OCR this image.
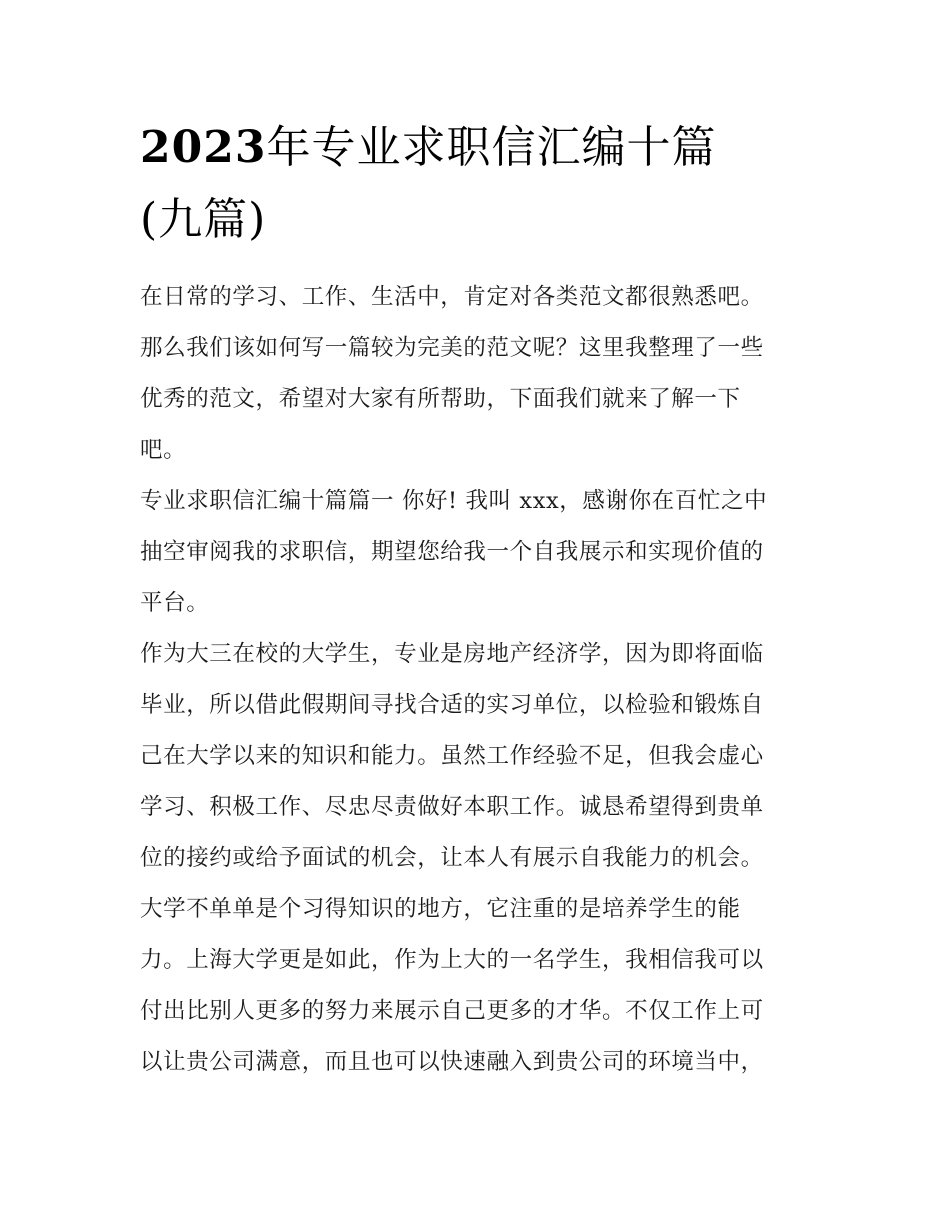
2023年专业求职信汇编十篇
(九篇)

在日常的学习、工作、生活中，肯定对各类范文都很熟悉吧。
那么我们该如何写一篇较为完美的范文呢？这里我整理了一些
优秀的范文，希望对大家有所帮助，下面我们就来了解一下
吧。

专业求职信汇编十篇篇一 你好! 我叫 xxx，感谢你在百忙之中
抽空审阅我的求职信，期望您给我一个自我展示和实现价值的
平台。

作为大三在校的大学生，专业是房地产经济学，因为即将面临
毕业，所以借此假期间寻找合适的实习单位，以检验和锻炼自
己在大学以来的知识和能力。虽然工作经验不足，但我会虚心
学习、积极工作、尽忠尽责做好本职工作。诚恳希望得到贵单
位的接约或给予面试的机会，让本人有展示自我能力的机会。
大学不单单是个习得知识的地方，它注重的是培养学生的能
力。上海大学更是如此，作为上大的一名学生，我相信我可以
付出比别人更多的努力来展示自己更多的才华。不仅工作上可
以让贵公司满意，而且也可以快速融入到贵公司的环境当中，
